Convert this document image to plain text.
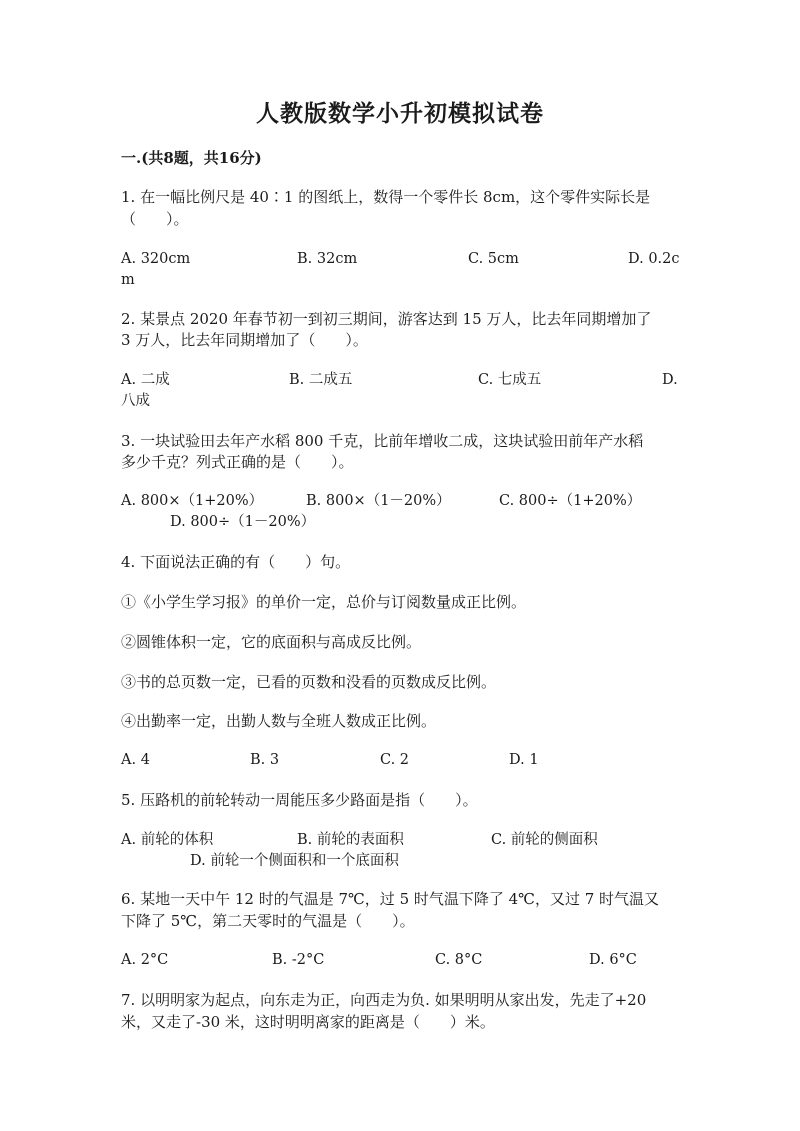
人教版数学小升初模拟试卷
一.(共8题，共16分)
1. 在一幅比例尺是 40∶1 的图纸上，数得一个零件长 8cm，这个零件实际长是
（　　）。
A. 320cm	B. 32cm	C. 5cm	D. 0.2c
m
2. 某景点 2020 年春节初一到初三期间，游客达到 15 万人，比去年同期增加了
3 万人，比去年同期增加了（　　）。
A. 二成	B. 二成五	C. 七成五	D.
八成
3. 一块试验田去年产水稻 800 千克，比前年增收二成，这块试验田前年产水稻
多少千克？列式正确的是（　　）。
A. 800×（1+20%）	B. 800×（1－20%）	C. 800÷（1+20%）
D. 800÷（1－20%）
4. 下面说法正确的有（　　）句。
①《小学生学习报》的单价一定，总价与订阅数量成正比例。
②圆锥体积一定，它的底面积与高成反比例。
③书的总页数一定，已看的页数和没看的页数成反比例。
④出勤率一定，出勤人数与全班人数成正比例。
A. 4	B. 3	C. 2	D. 1
5. 压路机的前轮转动一周能压多少路面是指（　　）。
A. 前轮的体积	B. 前轮的表面积	C. 前轮的侧面积
D. 前轮一个侧面积和一个底面积
6. 某地一天中午 12 时的气温是 7℃，过 5 时气温下降了 4℃，又过 7 时气温又
下降了 5℃，第二天零时的气温是（　　）。
A. 2°C	B. -2°C	C. 8°C	D. 6°C
7. 以明明家为起点，向东走为正，向西走为负. 如果明明从家出发，先走了+20
米，又走了-30 米，这时明明离家的距离是（　　）米。
